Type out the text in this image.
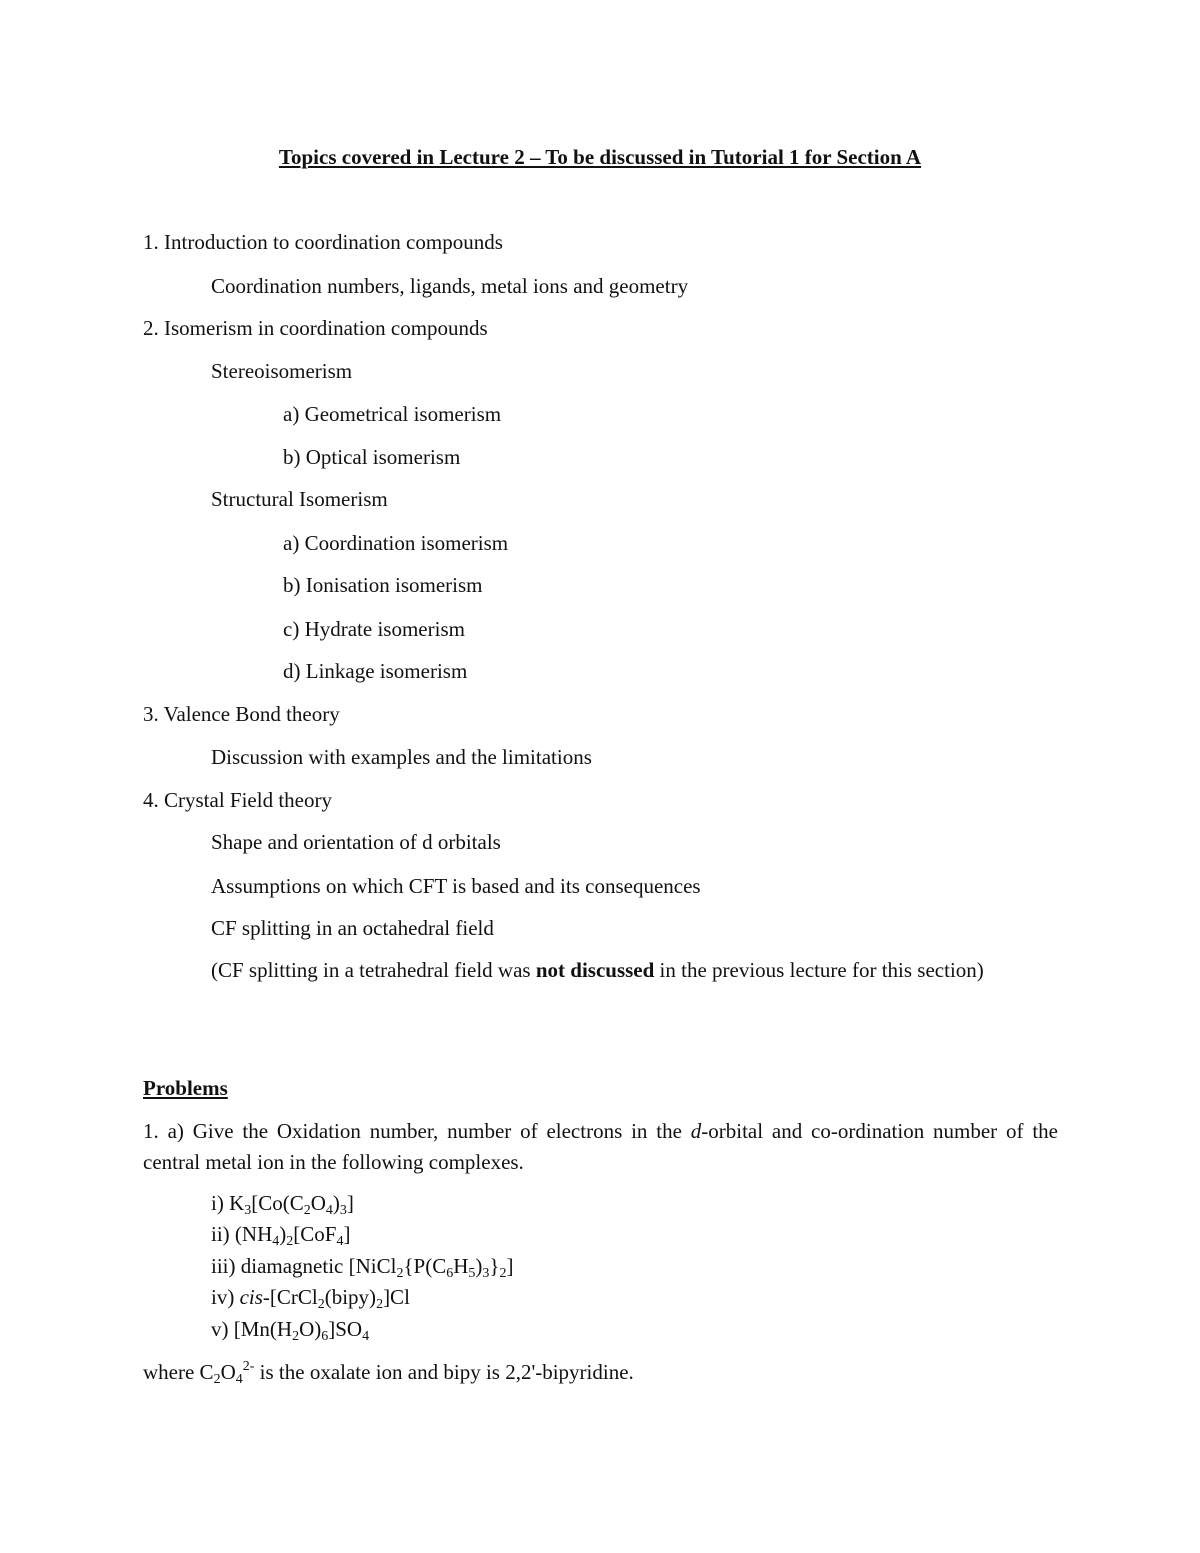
Topics covered in Lecture 2 – To be discussed in Tutorial 1 for Section A
1. Introduction to coordination compounds
Coordination numbers, ligands, metal ions and geometry
2. Isomerism in coordination compounds
Stereoisomerism
a) Geometrical isomerism
b) Optical isomerism
Structural Isomerism
a) Coordination isomerism
b) Ionisation isomerism
c) Hydrate isomerism
d) Linkage isomerism
3. Valence Bond theory
Discussion with examples and the limitations
4. Crystal Field theory
Shape and orientation of d orbitals
Assumptions on which CFT is based and its consequences
CF splitting in an octahedral field
(CF splitting in a tetrahedral field was not discussed in the previous lecture for this section)
Problems
1. a) Give the Oxidation number, number of electrons in the d-orbital and co-ordination number of the central metal ion in the following complexes.
i) $K_3[Co(C_2O_4)_3]$
ii) $(NH_4)_2[CoF_4]$
iii) diamagnetic $[NiCl_2\{P(C_6H_5)_3\}_2]$
iv) cis-$[CrCl_2(bipy)_2]Cl$
v) $[Mn(H_2O)_6]SO_4$
where $C_2O_4^{2-}$ is the oxalate ion and bipy is 2,2'-bipyridine.
